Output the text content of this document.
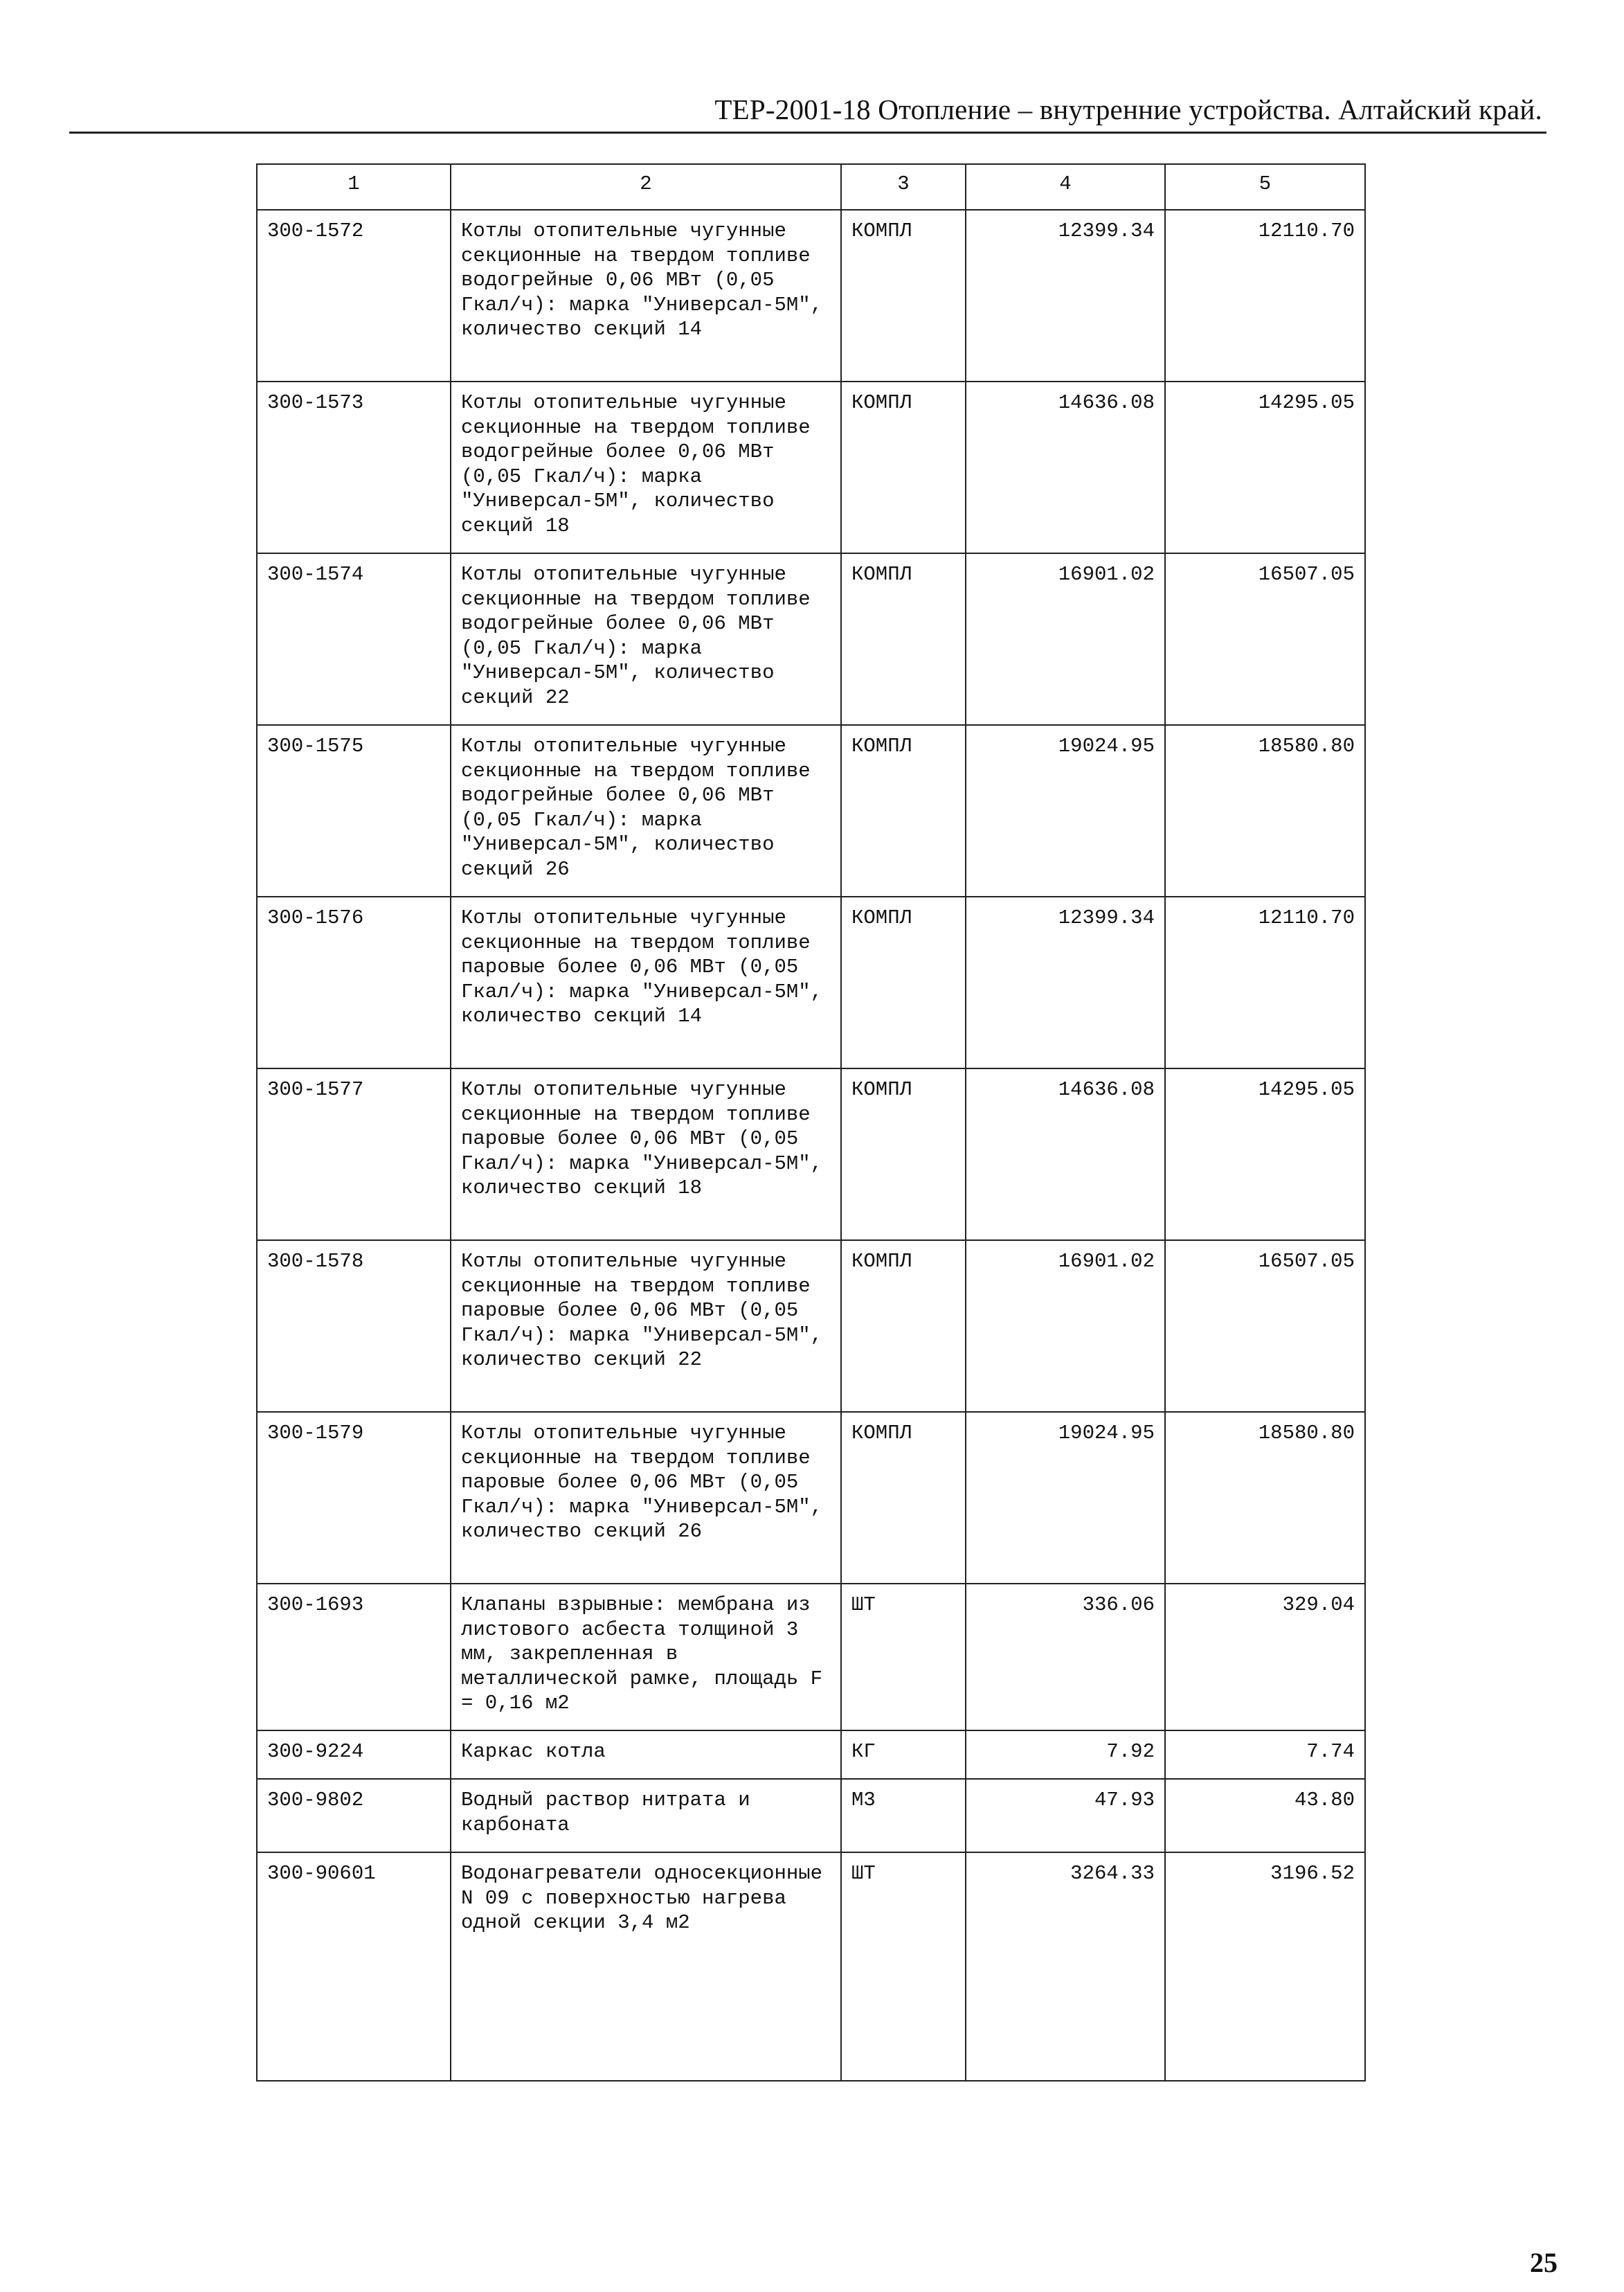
ТЕР-2001-18 Отопление – внутренние устройства. Алтайский край.
1	2	3	4	5
300-1572	Котлы отопительные чугунные секционные на твердом топливе водогрейные 0,06 МВт (0,05 Гкал/ч): марка "Универсал-5М", количество секций 14	КОМПЛ	12399.34	12110.70
300-1573	Котлы отопительные чугунные секционные на твердом топливе водогрейные более 0,06 МВт (0,05 Гкал/ч): марка "Универсал-5М", количество секций 18	КОМПЛ	14636.08	14295.05
300-1574	Котлы отопительные чугунные секционные на твердом топливе водогрейные более 0,06 МВт (0,05 Гкал/ч): марка "Универсал-5М", количество секций 22	КОМПЛ	16901.02	16507.05
300-1575	Котлы отопительные чугунные секционные на твердом топливе водогрейные более 0,06 МВт (0,05 Гкал/ч): марка "Универсал-5М", количество секций 26	КОМПЛ	19024.95	18580.80
300-1576	Котлы отопительные чугунные секционные на твердом топливе паровые более 0,06 МВт (0,05 Гкал/ч): марка "Универсал-5М", количество секций 14	КОМПЛ	12399.34	12110.70
300-1577	Котлы отопительные чугунные секционные на твердом топливе паровые более 0,06 МВт (0,05 Гкал/ч): марка "Универсал-5М", количество секций 18	КОМПЛ	14636.08	14295.05
300-1578	Котлы отопительные чугунные секционные на твердом топливе паровые более 0,06 МВт (0,05 Гкал/ч): марка "Универсал-5М", количество секций 22	КОМПЛ	16901.02	16507.05
300-1579	Котлы отопительные чугунные секционные на твердом топливе паровые более 0,06 МВт (0,05 Гкал/ч): марка "Универсал-5М", количество секций 26	КОМПЛ	19024.95	18580.80
300-1693	Клапаны взрывные: мембрана из листового асбеста толщиной 3 мм, закрепленная в металлической рамке, площадь F = 0,16 м2	ШТ	336.06	329.04
300-9224	Каркас котла	КГ	7.92	7.74
300-9802	Водный раствор нитрата и карбоната	М3	47.93	43.80
300-90601	Водонагреватели односекционные N 09 с поверхностью нагрева одной секции 3,4 м2	ШТ	3264.33	3196.52
25
